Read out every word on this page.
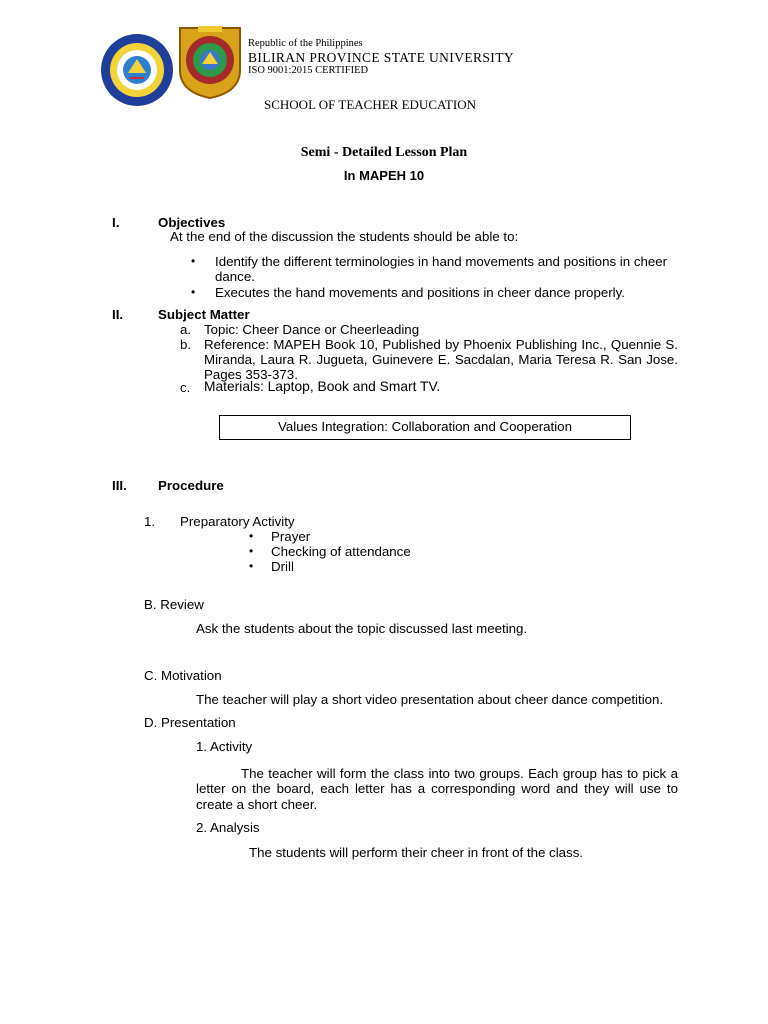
Republic of the Philippines
BILIRAN PROVINCE STATE UNIVERSITY
ISO 9001:2015 CERTIFIED
SCHOOL OF TEACHER EDUCATION
Semi - Detailed Lesson Plan
In MAPEH 10
I.	Objectives
At the end of the discussion the students should be able to:
• Identify the different terminologies in hand movements and positions in cheer dance.
• Executes the hand movements and positions in cheer dance properly.
II.	Subject Matter
a. Topic: Cheer Dance or Cheerleading
b. Reference: MAPEH Book 10, Published by Phoenix Publishing Inc., Quennie S. Miranda, Laura R. Jugueta, Guinevere E. Sacdalan, Maria Teresa R. San Jose. Pages 353-373.
c. Materials: Laptop, Book and Smart TV.
Values Integration: Collaboration and Cooperation
III. Procedure
1. Preparatory Activity
• Prayer
• Checking of attendance
• Drill
B. Review
Ask the students about the topic discussed last meeting.
C. Motivation
The teacher will play a short video presentation about cheer dance competition.
D. Presentation
1. Activity
The teacher will form the class into two groups. Each group has to pick a letter on the board, each letter has a corresponding word and they will use to create a short cheer.
2. Analysis
The students will perform their cheer in front of the class.
